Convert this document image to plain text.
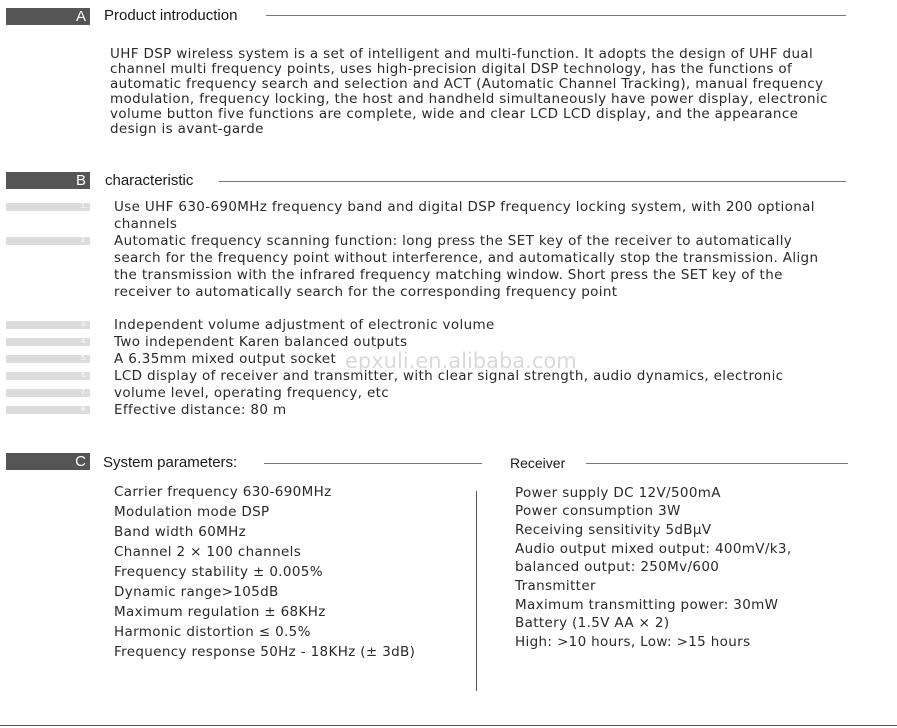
A Product introduction
UHF DSP wireless system is a set of intelligent and multi-function. It adopts the design of UHF dual channel multi frequency points, uses high-precision digital DSP technology, has the functions of automatic frequency search and selection and ACT (Automatic Channel Tracking), manual frequency modulation, frequency locking, the host and handheld simultaneously have power display, electronic volume button five functions are complete, wide and clear LCD LCD display, and the appearance design is avant-garde
B characteristic
1. Use UHF 630-690MHz frequency band and digital DSP frequency locking system, with 200 optional channels
2. Automatic frequency scanning function: long press the SET key of the receiver to automatically search for the frequency point without interference, and automatically stop the transmission. Align the transmission with the infrared frequency matching window. Short press the SET key of the receiver to automatically search for the corresponding frequency point
3. Independent volume adjustment of electronic volume
4. Two independent Karen balanced outputs
5. A 6.35mm mixed output socket
6. LCD display of receiver and transmitter, with clear signal strength, audio dynamics, electronic volume level, operating frequency, etc
7.
8. Effective distance: 80 m
epxuli.en.alibaba.com
C System parameters:	Receiver
Carrier frequency 630-690MHz
Modulation mode DSP
Band width 60MHz
Channel 2 × 100 channels
Frequency stability ± 0.005%
Dynamic range>105dB
Maximum regulation ± 68KHz
Harmonic distortion ≤ 0.5%
Frequency response 50Hz - 18KHz (± 3dB)
Power supply DC 12V/500mA
Power consumption 3W
Receiving sensitivity 5dBμV
Audio output mixed output: 400mV/k3,
balanced output: 250Mv/600
Transmitter
Maximum transmitting power: 30mW
Battery (1.5V AA × 2)
High: >10 hours, Low: >15 hours
